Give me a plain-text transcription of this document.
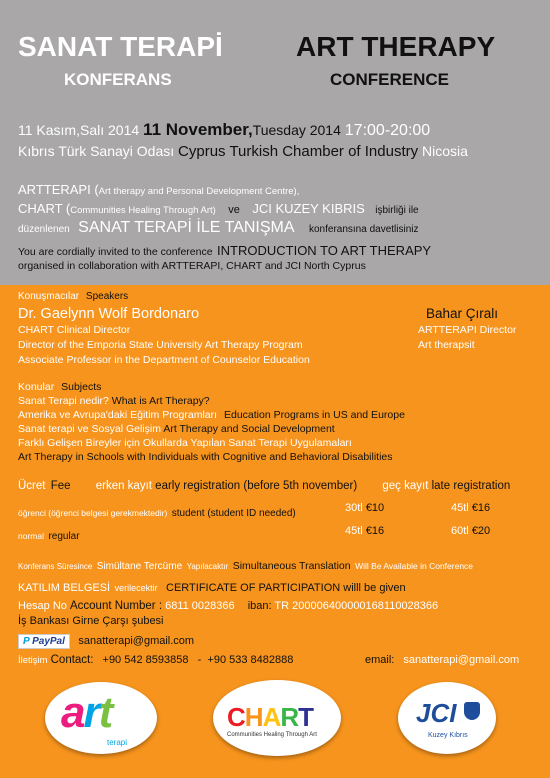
SANAT TERAPİ	ART THERAPY
KONFERANS	CONFERENCE
11 Kasım,Salı 2014 11 November,Tuesday 2014 17:00-20:00
Kıbrıs Türk Sanayi Odası Cyprus Turkish Chamber of Industry Nicosia
ARTTERAPI (Art therapy and Personal Development Centre),
CHART (Communities Healing Through Art) ve JCI KUZEY KIBRIS işbirliği ile
düzenlenen SANAT TERAPİ İLE TANIŞMA konferansına davetlisiniz
You are cordially invited to the conference INTRODUCTION TO ART THERAPY
organised in collaboration with ARTTERAPI, CHART and JCI North Cyprus
Konuşmacılar Speakers
Dr. Gaelynn Wolf Bordonaro
CHART Clinical Director
Director of the Emporia State University Art Therapy Program
Associate Professor in the Department of Counselor Education
Bahar Çıralı
ARTTERAPI Director
Art therapsit
Konular Subjects
Sanat Terapi nedir? What is Art Therapy?
Amerika ve Avrupa'daki Eğitim Programları Education Programs in US and Europe
Sanat terapi ve Sosyal Gelişim Art Therapy and Social Development
Farklı Gelişen Bireyler için Okullarda Yapılan Sanat Terapi Uygulamaları
Art Therapy in Schools with Individuals with Cognitive and Behavioral Disabilities
Ücret Fee erken kayıt early registration (before 5th november) geç kayıt late registration
öğrenci (öğrenci belgesi gerekmektedir) student (student ID needed)	30tl €10	45tl €16
normal regular	45tl €16	60tl €20
Konferans Süresince Simültane Tercüme Yapılacaktır Simultaneous Translation Will Be Available in Conference
KATILIM BELGESİ verilecektir CERTIFICATE OF PARTICIPATION willl be given
Hesap No Account Number : 6811 0028366 iban: TR 200006400000168110028366
İş Bankası Girne Çarşı şubesi
P PayPal sanatterapi@gmail.com
İletişim Contact: +90 542 8593858   -  +90 533 8482888	email: sanatterapi@gmail.com
art
terapi
CHART
Communities Healing Through Art
JCI
Kuzey Kıbrıs
